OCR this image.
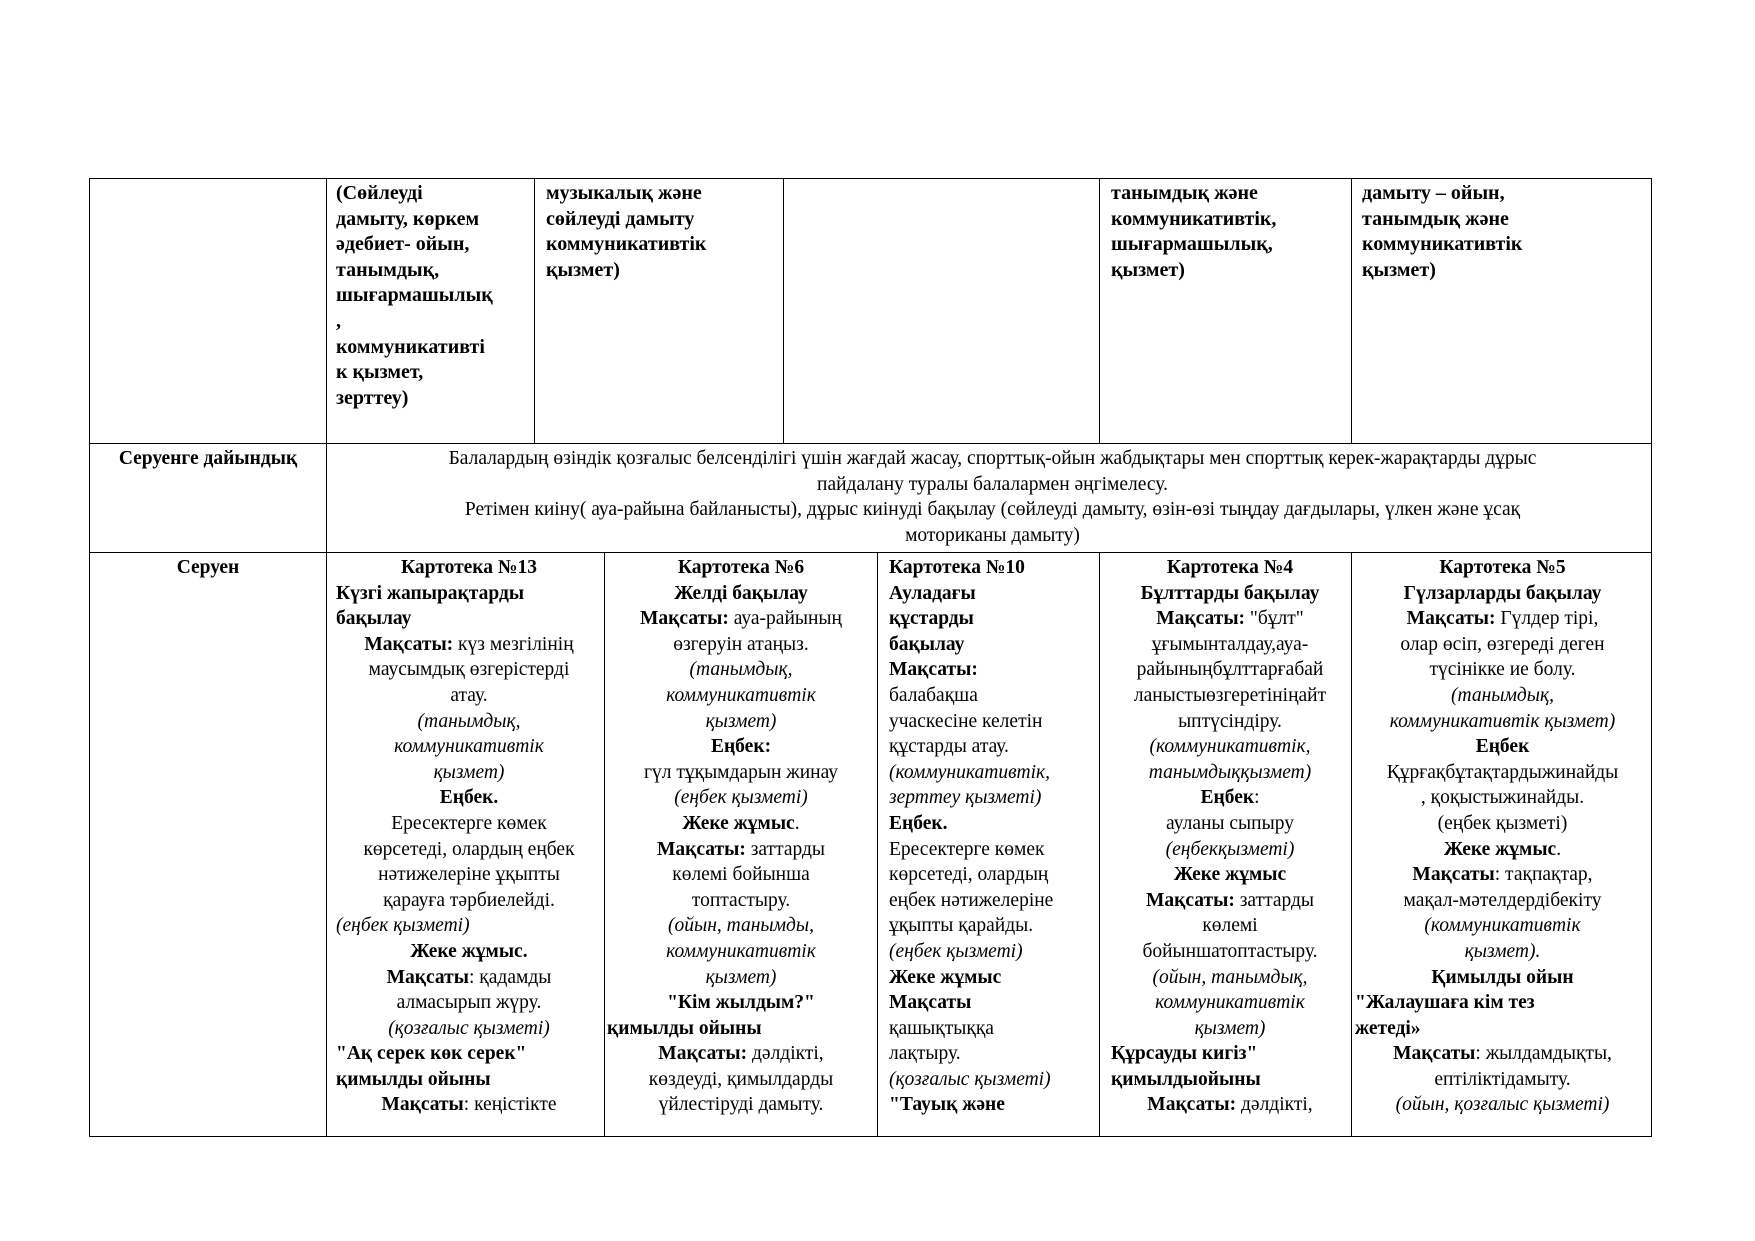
(Сөйлеуді
дамыту, көркем
әдебиет- ойын,
танымдық,
шығармашылық
,
коммуникативті
к қызмет,
зерттеу)
музыкалық және
сөйлеуді дамыту
коммуникативтік
қызмет)
танымдық және
коммуникативтік,
шығармашылық,
қызмет)
дамыту – ойын,
танымдық және
коммуникативтік
қызмет)
Серуенге дайындық	Балалардың өзіндік қозғалыс белсенділігі үшін жағдай жасау, спорттық-ойын жабдықтары мен спорттық керек-жарақтарды дұрыс
пайдалану туралы балалармен әңгімелесу.
Ретімен киіну( ауа-райына байланысты), дұрыс киінуді бақылау (сөйлеуді дамыту, өзін-өзі тыңдау дағдылары, үлкен және ұсақ
моториканы дамыту)
Серуен	Картотека №13
Күзгі жапырақтарды
бақылау
Мақсаты: күз мезгілінің
маусымдық өзгерістерді
атау.
(танымдық,
коммуникативтік
қызмет)
Еңбек.
Ересектерге көмек
көрсетеді, олардың еңбек
нәтижелеріне ұқыпты
қарауға тәрбиелейді.
(еңбек қызметі)
Жеке жұмыс.
Мақсаты: қадамды
алмасырып жүру.
(қозғалыс қызметі)
"Ақ серек көк серек"
қимылды ойыны
Мақсаты: кеңістікте
Картотека №6
Желді бақылау
Мақсаты: ауа-райының
өзгеруін атаңыз.
(танымдық,
коммуникативтік
қызмет)
Еңбек:
гүл тұқымдарын жинау
(еңбек қызметі)
Жеке жұмыс.
Мақсаты: заттарды
көлемі бойынша
топтастыру.
(ойын, танымды,
коммуникативтік
қызмет)
"Кім жылдым?"
қимылды ойыны
Мақсаты: дәлдікті,
көздеуді, қимылдарды
үйлестіруді дамыту.
Картотека №10
Ауладағы
құстарды
бақылау
Мақсаты:
балабақша
учаскесіне келетін
құстарды атау.
(коммуникативтік,
зерттеу қызметі)
Еңбек.
Ересектерге көмек
көрсетеді, олардың
еңбек нәтижелеріне
ұқыпты қарайды.
(еңбек қызметі)
Жеке жұмыс
Мақсаты
қашықтыққа
лақтыру.
(қозғалыс қызметі)
"Тауық және
Картотека №4
Бұлттарды бақылау
Мақсаты: "бұлт"
ұғымынталдау,ауа-
райыныңбұлттарғабай
ланыстыөзгеретініңайт
ыптүсіндіру.
(коммуникативтік,
танымдыққызмет)
Еңбек:
ауланы сыпыру
(еңбекқызметі)
Жеке жұмыс
Мақсаты: заттарды
көлемі
бойыншатоптастыру.
(ойын, танымдық,
коммуникативтік
қызмет)
Құрсауды кигіз"
қимылдыойыны
Мақсаты: дәлдікті,
Картотека №5
Гүлзарларды бақылау
Мақсаты: Гүлдер тірі,
олар өсіп, өзгереді деген
түсінікке ие болу.
(танымдық,
коммуникативтік қызмет)
Еңбек
Құрғақбұтақтардыжинайды
, қоқыстыжинайды.
(еңбек қызметі)
Жеке жұмыс.
Мақсаты: тақпақтар,
мақал-мәтелдердібекіту
(коммуникативтік
қызмет).
Қимылды ойын
"Жалаушаға кім тез
жетеді»
Мақсаты: жылдамдықты,
ептіліктідамыту.
(ойын, қозғалыс қызметі)
